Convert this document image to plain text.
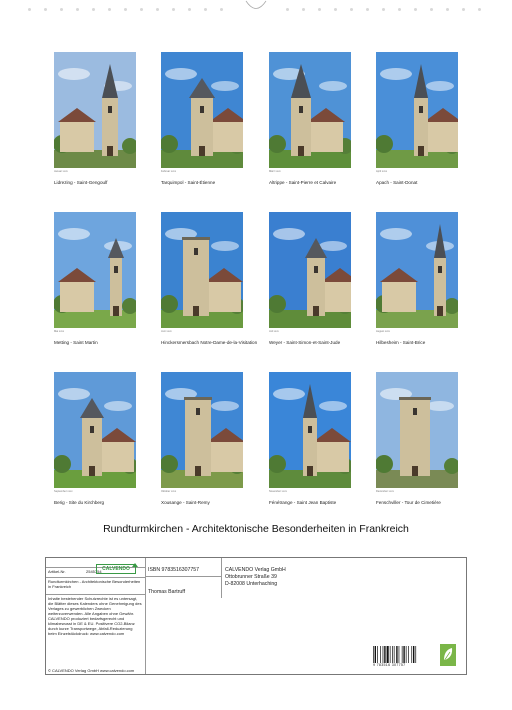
Januar xxxx
Lidrezing - Saint-Gengoulf
Februar xxxx
Tarquimpol - Saint-Étienne
März xxxx
Altrippe - Saint-Pierre et Calvaire
April xxxx
Apach - Saint-Donat
Mai xxxx
Metting - Saint Martin
Juni xxxx
Hinckersmersbach Notre-Dame-de-la-Visitation
Juli xxxx
Weyer - Saint-Simon-et-Saint-Jude
August xxxx
Hilbesheim - Saint-Brice
September xxxx
Berig - Site du Kirchberg
Oktober xxxx
Xousange - Saint-Remy
November xxxx
Fénétrange - Saint Jean Baptiste
Dezember xxxx
Fenschviller - Tour de Cimetière
Rundturmkirchen - Architektonische Besonderheiten in Frankreich
Artikel-Nr.	2545754 CALVENDO
Rundturmkirchen - Architektonische Besonderheiten in Frankreich
Inhalte bestehender Schutzrechte ist es untersagt, die Blätter dieses Kalenders ohne Genehmigung des Verlages zu gewerblichen Zwecken weiterzuverwenden. Alle Angaben ohne Gewähr. CALVENDO produziert bedarfsgerecht und klimabewusst in DE & EU. Positivere CO2-Bilanz durch kurze Transportwege, Abfall-Reduzierung beim Einzelstückdruck: www.calvendo.com
© CALVENDO Verlag GmbH www.calvendo.com
ISBN 9783516307757
Thomas Bartruff
CALVENDO Verlag GmbH
Ottobrunner Straße 39
D-82008 Unterhaching
9 783516 307757
